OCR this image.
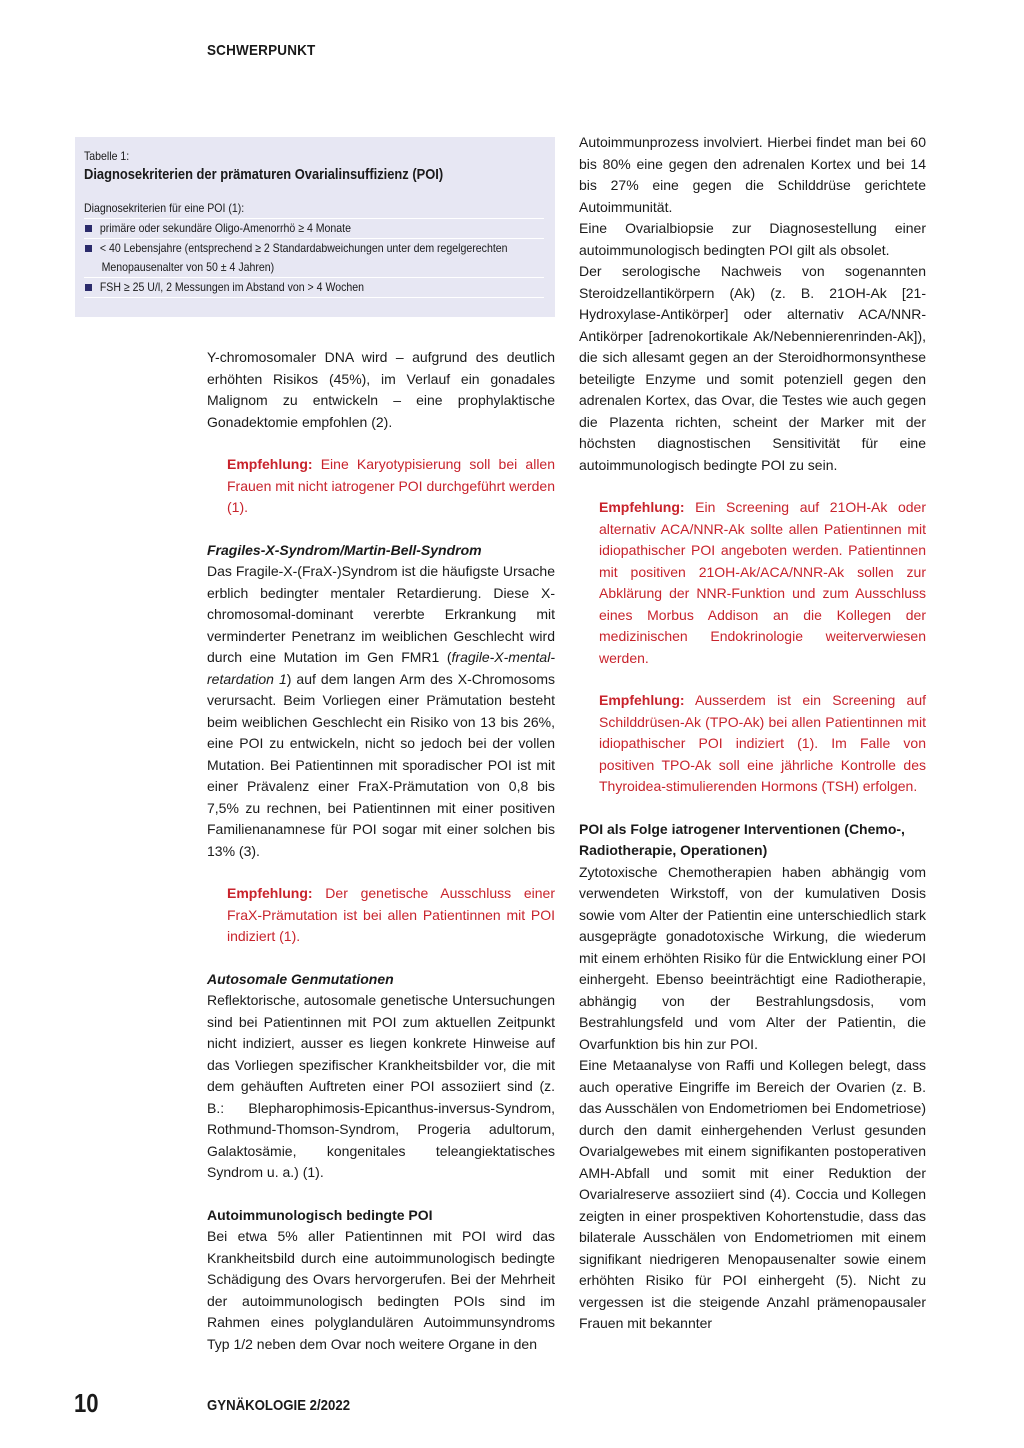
SCHWERPUNKT
Tabelle 1:
Diagnosekriterien der prämaturen Ovarialinsuffizienz (POI)
Diagnosekriterien für eine POI (1):
primäre oder sekundäre Oligo-Amenorrhö ≥ 4 Monate
< 40 Lebensjahre (entsprechend ≥ 2 Standardabweichungen unter dem regelgerechten
Menopausenalter von 50 ± 4 Jahren)
FSH ≥ 25 U/l, 2 Messungen im Abstand von > 4 Wochen

Y-chromosomaler DNA wird – aufgrund des deutlich erhöhten Risikos (45%), im Verlauf ein gonadales Malignom zu entwickeln – eine prophylaktische Gonadektomie empfohlen (2).

Empfehlung: Eine Karyotypisierung soll bei allen Frauen mit nicht iatrogener POI durchgeführt werden (1).

Fragiles-X-Syndrom/Martin-Bell-Syndrom

Das Fragile-X-(FraX-)Syndrom ist die häufigste Ursache erblich bedingter mentaler Retardierung. Diese X-chromosomal-dominant vererbte Erkrankung mit verminderter Penetranz im weiblichen Geschlecht wird durch eine Mutation im Gen FMR1 (fragile-X-mental-retardation 1) auf dem langen Arm des X-Chromosoms verursacht. Beim Vorliegen einer Prämutation besteht beim weiblichen Geschlecht ein Risiko von 13 bis 26%, eine POI zu entwickeln, nicht so jedoch bei der vollen Mutation. Bei Patientinnen mit sporadischer POI ist mit einer Prävalenz einer FraX-Prämutation von 0,8 bis 7,5% zu rechnen, bei Patientinnen mit einer positiven Familienanamnese für POI sogar mit einer solchen bis 13% (3).

Empfehlung: Der genetische Ausschluss einer FraX-Prämutation ist bei allen Patientinnen mit POI indiziert (1).

Autosomale Genmutationen

Reflektorische, autosomale genetische Untersuchungen sind bei Patientinnen mit POI zum aktuellen Zeitpunkt nicht indiziert, ausser es liegen konkrete Hinweise auf das Vorliegen spezifischer Krankheitsbilder vor, die mit dem gehäuften Auftreten einer POI assoziiert sind (z. B.: Blepharophimosis-Epicanthus-inversus-Syndrom, Rothmund-Thomson-Syndrom, Progeria adultorum, Galaktosämie, kongenitales teleangiektatisches Syndrom u. a.) (1).

Autoimmunologisch bedingte POI

Bei etwa 5% aller Patientinnen mit POI wird das Krankheitsbild durch eine autoimmunologisch bedingte Schädigung des Ovars hervorgerufen. Bei der Mehrheit der autoimmunologisch bedingten POIs sind im Rahmen eines polyglandulären Autoimmunsyndroms Typ 1/2 neben dem Ovar noch weitere Organe in den

Autoimmunprozess involviert. Hierbei findet man bei 60 bis 80% eine gegen den adrenalen Kortex und bei 14 bis 27% eine gegen die Schilddrüse gerichtete Autoimmunität.

Eine Ovarialbiopsie zur Diagnosestellung einer autoimmunologisch bedingten POI gilt als obsolet.

Der serologische Nachweis von sogenannten Steroidzellantikörpern (Ak) (z. B. 21OH-Ak [21-Hydroxylase-Antikörper] oder alternativ ACA/NNR-Antikörper [adrenokortikale Ak/Nebennierenrinden-Ak]), die sich allesamt gegen an der Steroidhormonsynthese beteiligte Enzyme und somit potenziell gegen den adrenalen Kortex, das Ovar, die Testes wie auch gegen die Plazenta richten, scheint der Marker mit der höchsten diagnostischen Sensitivität für eine autoimmunologisch bedingte POI zu sein.

Empfehlung: Ein Screening auf 21OH-Ak oder alternativ ACA/NNR-Ak sollte allen Patientinnen mit idiopathischer POI angeboten werden. Patientinnen mit positiven 21OH-Ak/ACA/NNR-Ak sollen zur Abklärung der NNR-Funktion und zum Ausschluss eines Morbus Addison an die Kollegen der medizinischen Endokrinologie weiterverwiesen werden.

Empfehlung: Ausserdem ist ein Screening auf Schilddrüsen-Ak (TPO-Ak) bei allen Patientinnen mit idiopathischer POI indiziert (1). Im Falle von positiven TPO-Ak soll eine jährliche Kontrolle des Thyroidea-stimulierenden Hormons (TSH) erfolgen.

POI als Folge iatrogener Interventionen (Chemo-, Radiotherapie, Operationen)

Zytotoxische Chemotherapien haben abhängig vom verwendeten Wirkstoff, von der kumulativen Dosis sowie vom Alter der Patientin eine unterschiedlich stark ausgeprägte gonadotoxische Wirkung, die wiederum mit einem erhöhten Risiko für die Entwicklung einer POI einhergeht. Ebenso beeinträchtigt eine Radiotherapie, abhängig von der Bestrahlungsdosis, vom Bestrahlungsfeld und vom Alter der Patientin, die Ovarfunktion bis hin zur POI.

Eine Metaanalyse von Raffi und Kollegen belegt, dass auch operative Eingriffe im Bereich der Ovarien (z. B. das Ausschälen von Endometriomen bei Endometriose) durch den damit einhergehenden Verlust gesunden Ovarialgewebes mit einem signifikanten postoperativen AMH-Abfall und somit mit einer Reduktion der Ovarialreserve assoziiert sind (4). Coccia und Kollegen zeigten in einer prospektiven Kohortenstudie, dass das bilaterale Ausschälen von Endometriomen mit einem signifikant niedrigeren Menopausenalter sowie einem erhöhten Risiko für POI einhergeht (5). Nicht zu vergessen ist die steigende Anzahl prämenopausaler Frauen mit bekannter

10	GYNÄKOLOGIE 2/2022
